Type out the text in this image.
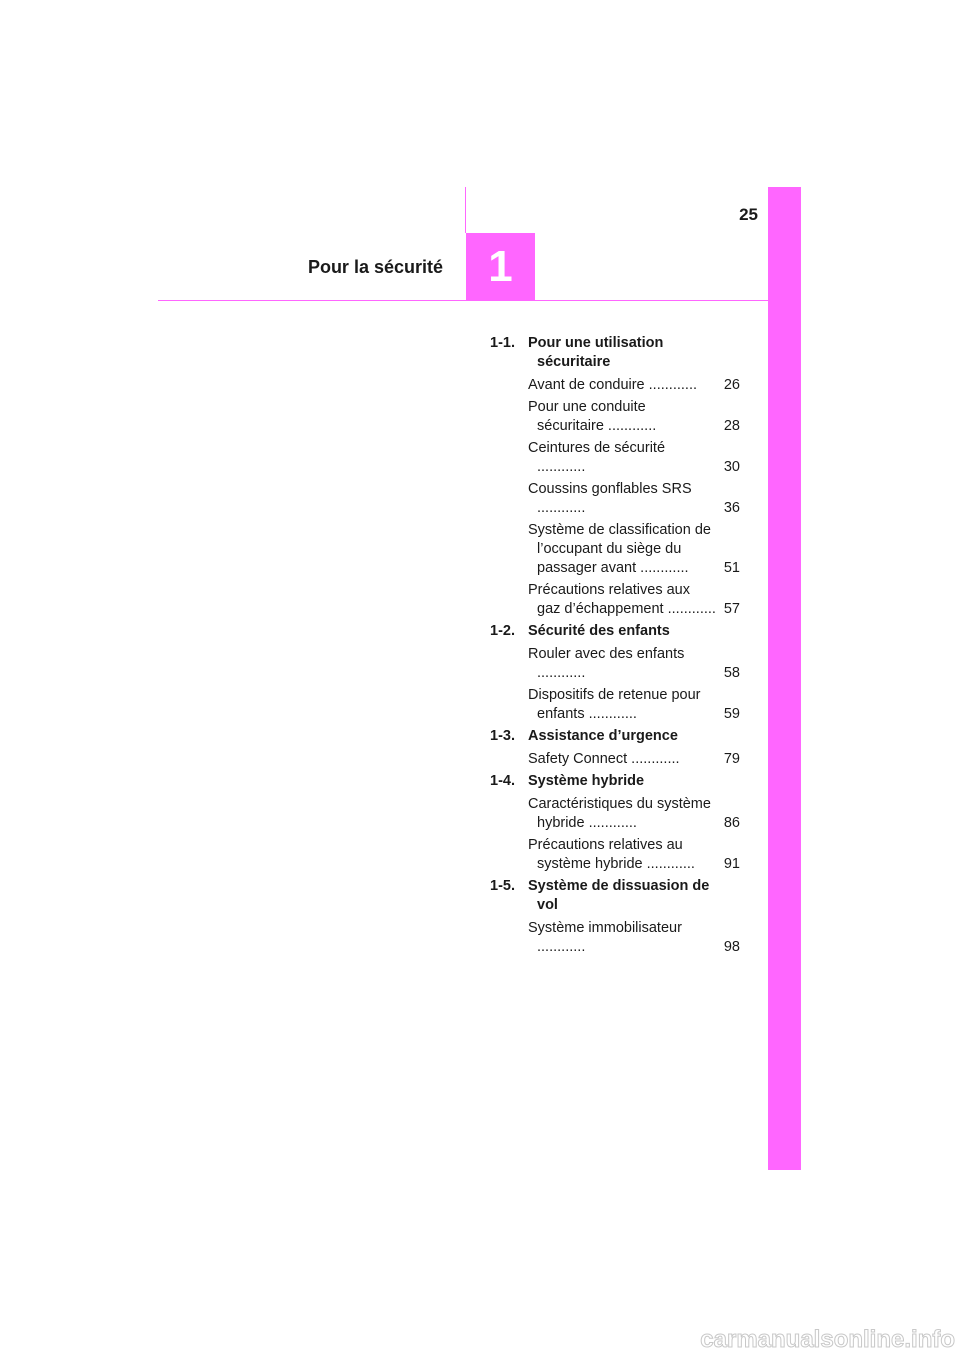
25
Pour la sécurité	1
1-1. Pour une utilisation sécuritaire
Avant de conduire ............	26
Pour une conduite sécuritaire ............	28
Ceintures de sécurité ............	30
Coussins gonflables SRS ............	36
Système de classification de l’occupant du siège du passager avant ............	51
Précautions relatives aux gaz d’échappement ............ 57
1-2. Sécurité des enfants
Rouler avec des enfants ............	58
Dispositifs de retenue pour enfants ............	59
1-3. Assistance d’urgence
Safety Connect ............	79
1-4. Système hybride
Caractéristiques du système hybride ............	86
Précautions relatives au système hybride ............	91
1-5. Système de dissuasion de vol
Système immobilisateur ............	98
carmanualsonline.info
